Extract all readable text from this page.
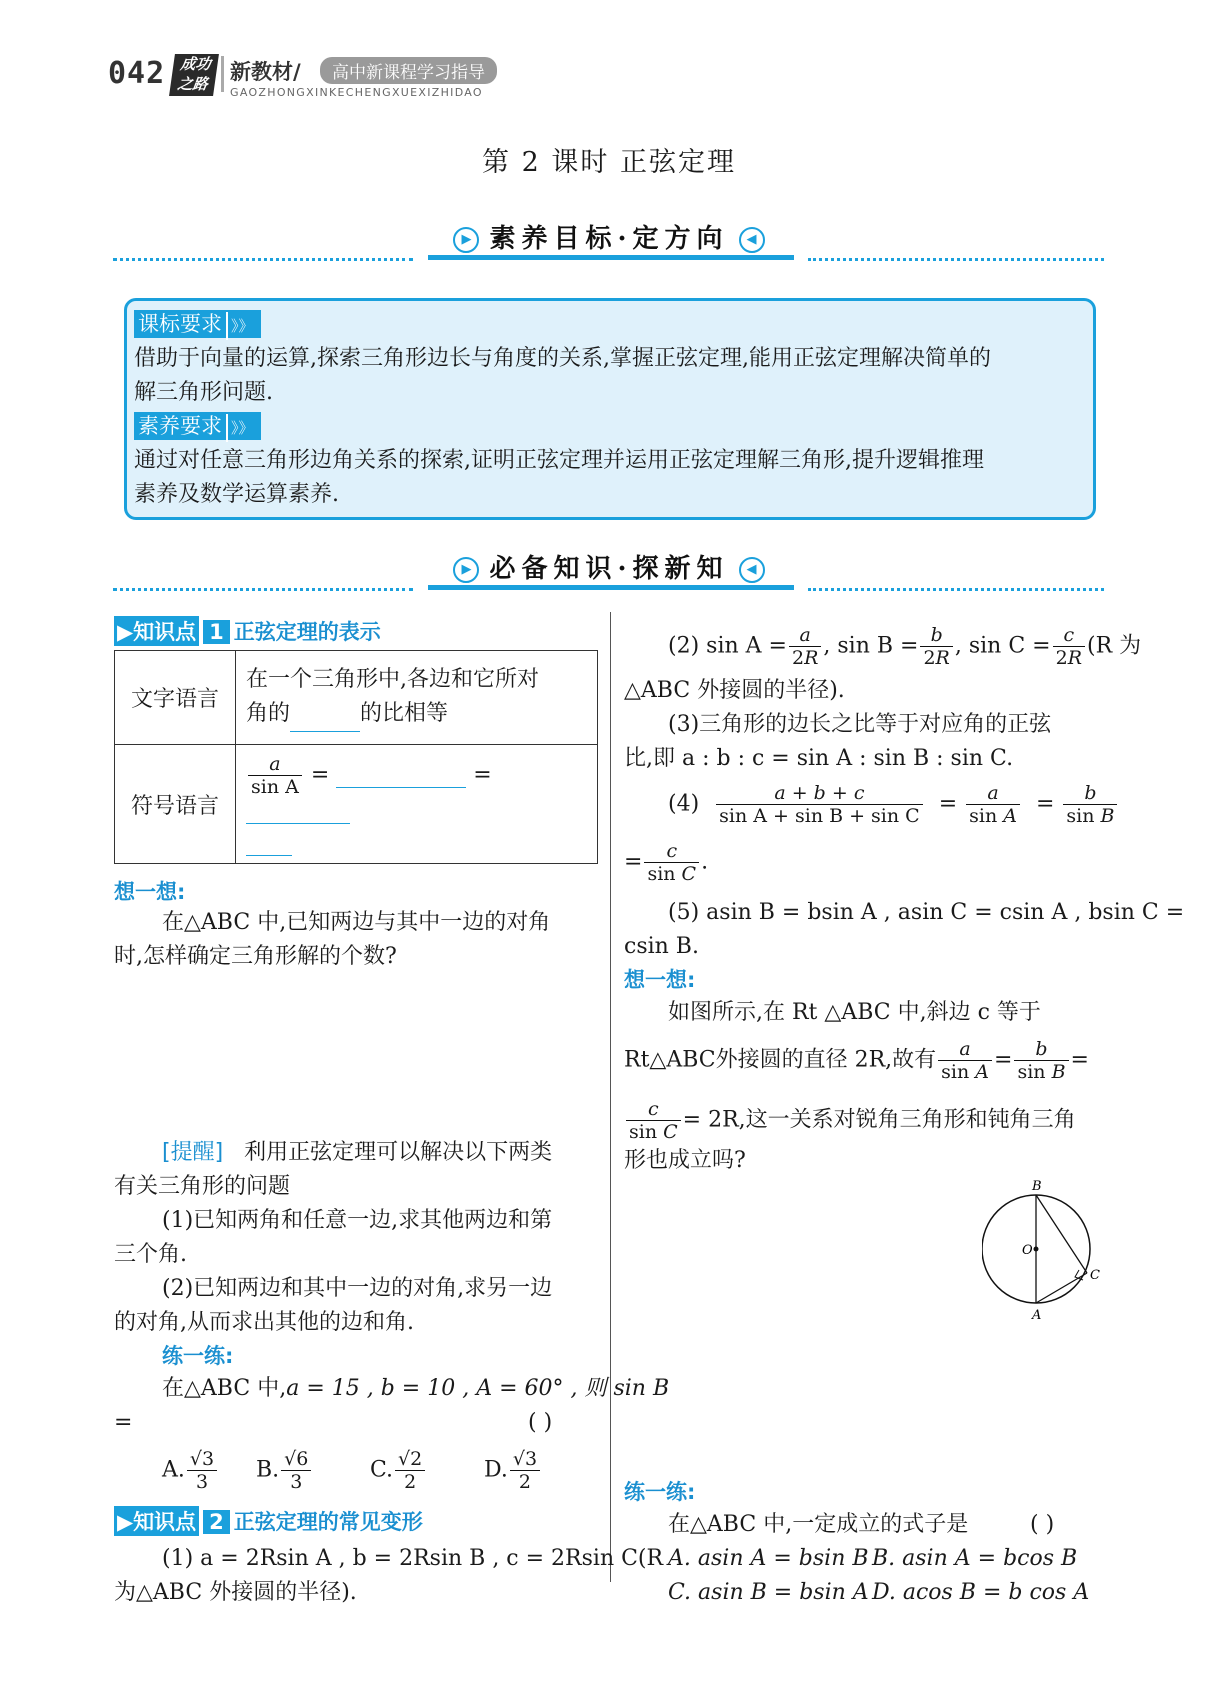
042 成功之路	新教材/	高中新课程学习指导
GAOZHONGXINKECHENGXUEXIZHIDAO
第 2 课时 正弦定理
▶ 素养目标·定方向 ◀
课标要求 》》
借助于向量的运算,探索三角形边长与角度的关系,掌握正弦定理,能用正弦定理解决简单的
解三角形问题.
素养要求 》》
通过对任意三角形边角关系的探索,证明正弦定理并运用正弦定理解三角形,提升逻辑推理
素养及数学运算素养.
▶ 必备知识·探新知 ◀
▶知识点 1 正弦定理的表示
文字语言	在一个三角形中,各边和它所对
角的 的比相等
符号语言	$\frac{a}{\text{sin A}}$ = =

想一想:
在△ABC 中,已知两边与其中一边的对角
时,怎样确定三角形解的个数?
[提醒] 利用正弦定理可以解决以下两类
有关三角形的问题
(1)已知两角和任意一边,求其他两边和第
三个角.
(2)已知两边和其中一边的对角,求另一边
的对角,从而求出其他的边和角.
练一练:
在△ABC 中,a = 15 , b = 10 , A = 60° , 则 sin B
=	( )
A. $\frac{√3}{3} B$. $\frac{√6}{3}$	C. $\frac{√2}{2}$	D. $\frac{√3}{2}$
▶知识点 2 正弦定理的常见变形
(1) a = 2Rsin A , b = 2Rsin B , c = 2Rsin C(R
为△ABC 外接圆的半径).
(2) $\sin A = \frac{a}{2R}$ , $\sin B = \frac{b}{2R}$ , $\sin C = \frac{c}{2R} (R$ 为
△ABC 外接圆的半径).
(3)三角形的边长之比等于对应角的正弦
比,即 a : b : c = sin A : sin B : sin C.
$(4) \frac{a + b + c}{\text{sin A + sin B + sin C}} = \frac{a}{\text{sin A}} = \frac{b}{\text{sin B}}$
= $\frac{c}{\text{sin C}}$ .
(5) asin B = bsin A , asin C = csin A , bsin C =
csin B.
想一想:
如图所示,在 Rt △ABC 中,斜边 c 等于
Rt△ABC外接圆的直径 2R,故有 $\frac{a}{\text{sin A}} = \frac{b}{\text{sin B}}$ =
$\frac{c}{\text{sin C}} = 2R$,这一关系对锐角三角形和钝角三角
形也成立吗?
B
O
C
A
练一练:
在△ABC 中,一定成立的式子是	( )
A. asin A = bsin B B. asin A = bcos B
C. asin B = bsin A D. acos B = b cos A
